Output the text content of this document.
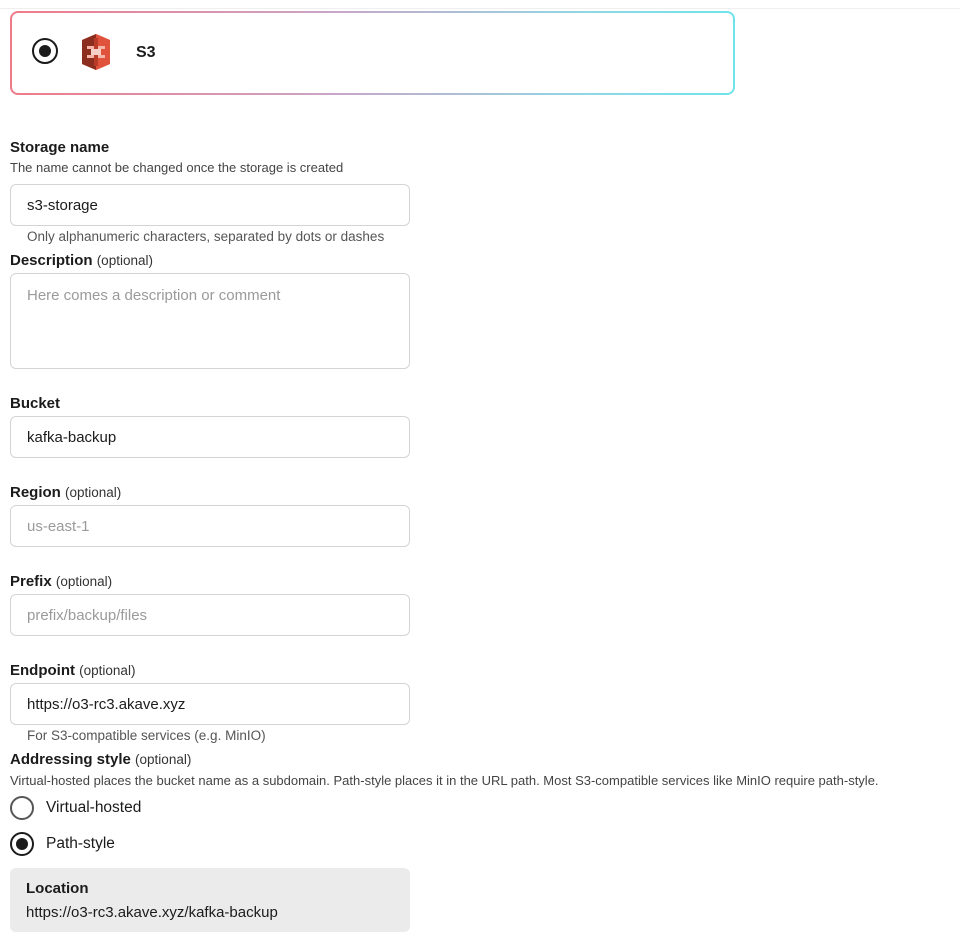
S3
Storage name
The name cannot be changed once the storage is created
s3-storage
Only alphanumeric characters, separated by dots or dashes
Description (optional)
Here comes a description or comment
Bucket
kafka-backup
Region (optional)
us-east-1
Prefix (optional)
prefix/backup/files
Endpoint (optional)
https://o3-rc3.akave.xyz
For S3-compatible services (e.g. MinIO)
Addressing style (optional)
Virtual-hosted places the bucket name as a subdomain. Path-style places it in the URL path. Most S3-compatible services like MinIO require path-style.
Virtual-hosted
Path-style
Location
https://o3-rc3.akave.xyz/kafka-backup
